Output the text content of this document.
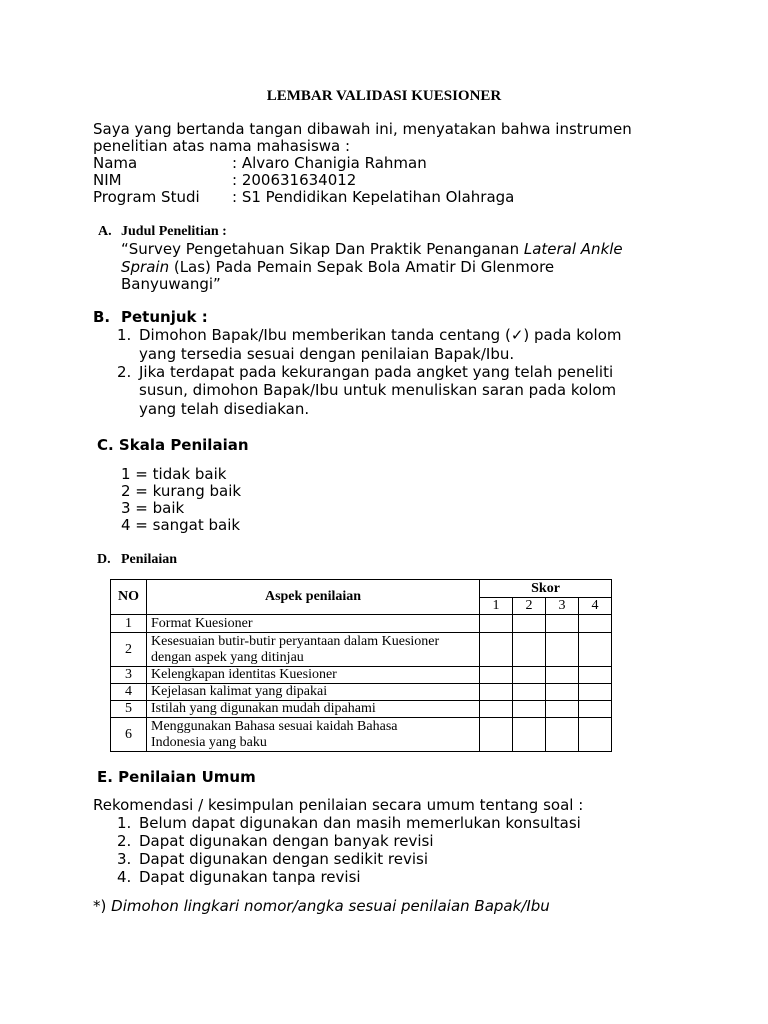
LEMBAR VALIDASI KUESIONER
Saya yang bertanda tangan dibawah ini, menyatakan bahwa instrumen
penelitian atas nama mahasiswa :
Nama	: Alvaro Chanigia Rahman
NIM	: 200631634012
Program Studi : S1 Pendidikan Kepelatihan Olahraga
A. Judul Penelitian :
“Survey Pengetahuan Sikap Dan Praktik Penanganan Lateral Ankle
Sprain (Las) Pada Pemain Sepak Bola Amatir Di Glenmore
Banyuwangi”
B. Petunjuk :
1. Dimohon Bapak/Ibu memberikan tanda centang (✓) pada kolom
yang tersedia sesuai dengan penilaian Bapak/Ibu.
2. Jika terdapat pada kekurangan pada angket yang telah peneliti
susun, dimohon Bapak/Ibu untuk menuliskan saran pada kolom
yang telah disediakan.
C. Skala Penilaian
1 = tidak baik
2 = kurang baik
3 = baik
4 = sangat baik
D. Penilaian
NO	Aspek penilaian	Skor			
		1	2	3	4
1	Format Kuesioner				

2	Kesesuaian butir-butir peryantaan dalam Kuesioner
dengan aspek yang ditinjau				

3	Kelengkapan identitas Kuesioner				

4	Kejelasan kalimat yang dipakai				

5	Istilah yang digunakan mudah dipahami				

6	Menggunakan Bahasa sesuai kaidah Bahasa
Indonesia yang baku				

E. Penilaian Umum
Rekomendasi / kesimpulan penilaian secara umum tentang soal :
1. Belum dapat digunakan dan masih memerlukan konsultasi
2. Dapat digunakan dengan banyak revisi
3. Dapat digunakan dengan sedikit revisi
4. Dapat digunakan tanpa revisi
*) Dimohon lingkari nomor/angka sesuai penilaian Bapak/Ibu
